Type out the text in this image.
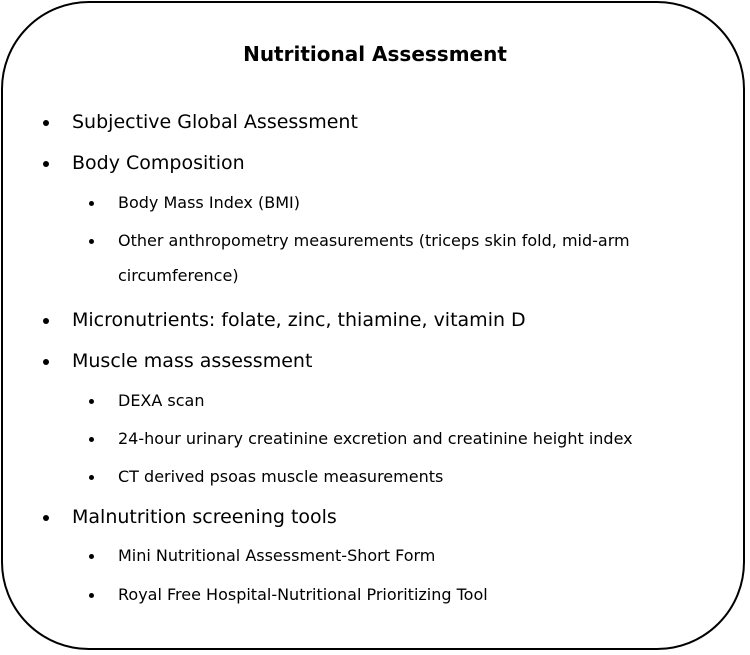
Nutritional Assessment
Subjective Global Assessment
Body Composition
Body Mass Index (BMI)
Other anthropometry measurements (triceps skin fold, mid-arm
circumference)
Micronutrients: folate, zinc, thiamine, vitamin D
Muscle mass assessment
DEXA scan
24-hour urinary creatinine excretion and creatinine height index
CT derived psoas muscle measurements
Malnutrition screening tools
Mini Nutritional Assessment-Short Form
Royal Free Hospital-Nutritional Prioritizing Tool
